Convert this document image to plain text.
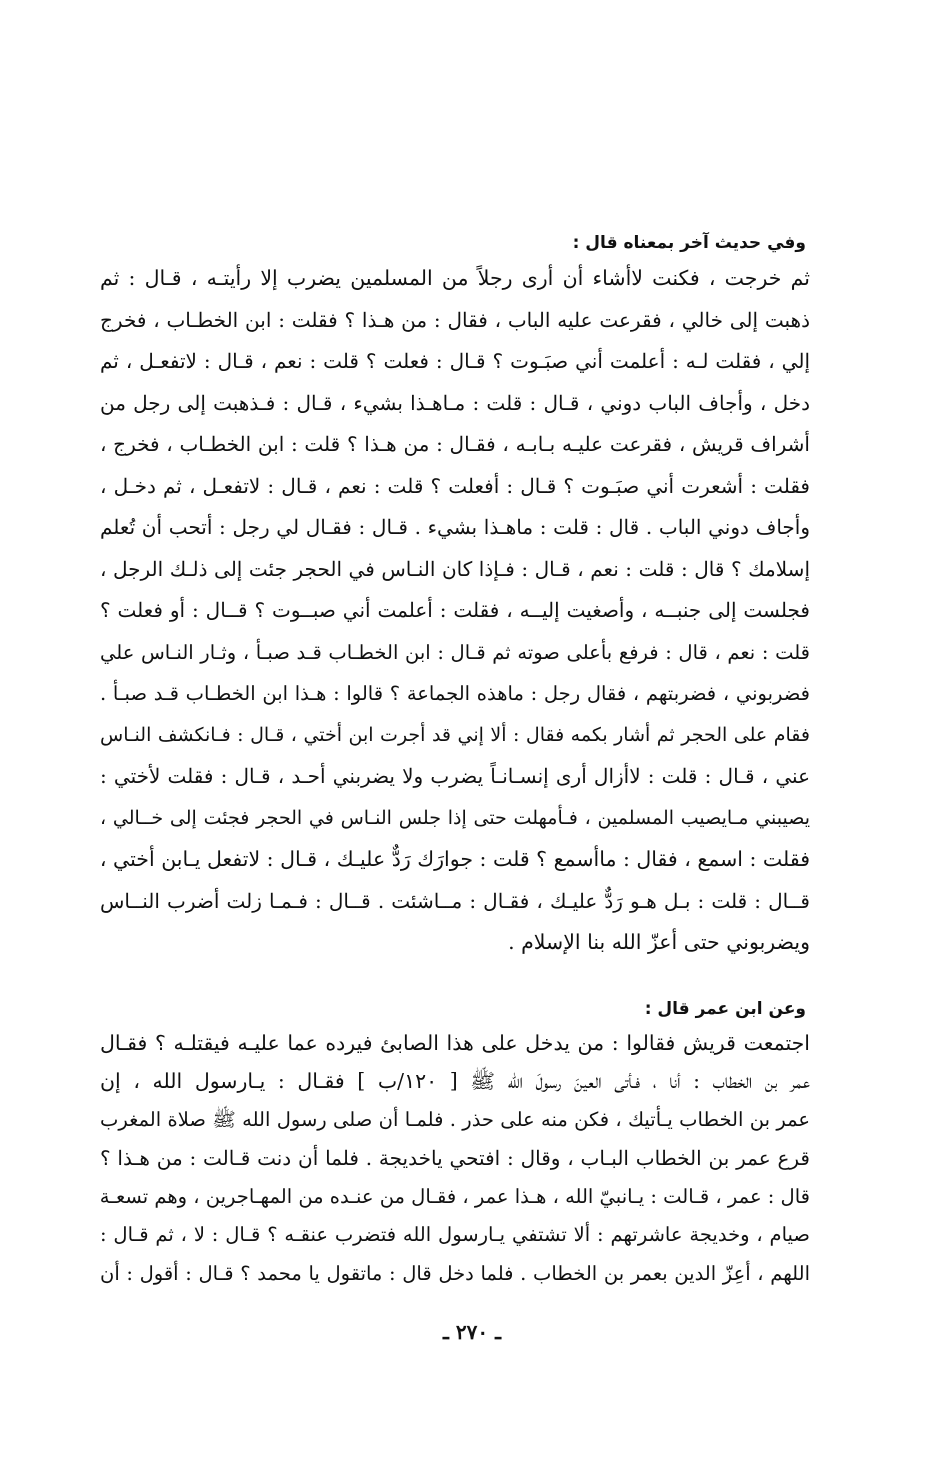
وفي حديث آخر بمعناه قال :
ثم خرجت ، فكنت لاأشاء أن أرى رجلاً من المسلمين يضرب إلا رأيتـه ، قـال : ثم
ذهبت إلى خالي ، فقرعت عليه الباب ، فقال : من هـذا ؟ فقلت : ابن الخطـاب ، فخرج
إلي ، فقلت لـه : أعلمت أني صبَـوت ؟ قـال : فعلت ؟ قلت : نعم ، قـال : لاتفعـل ، ثم
دخل ، وأجاف الباب دوني ، قـال : قلت : مـاهـذا بشيء ، قـال : فـذهبت إلى رجل من
أشراف قريش ، فقرعت عليـه بـابـه ، فقـال : من هـذا ؟ قلت : ابن الخطـاب ، فخرج ،
فقلت : أشعرت أني صبَـوت ؟ قـال : أفعلت ؟ قلت : نعم ، قـال : لاتفعـل ، ثم دخـل ،
وأجاف دوني الباب . قال : قلت : ماهـذا بشيء . قـال : فقـال لي رجل : أتحب أن تُعلم
إسلامك ؟ قال : قلت : نعم ، قـال : فـإذا كان النـاس في الحجر جئت إلى ذلـك الرجل ،
فجلست إلى جنبــه ، وأصغيت إليــه ، فقلت : أعلمت أني صبــوت ؟ قــال : أو فعلت ؟
قلت : نعم ، قال : فرفع بأعلى صوته ثم قـال : ابن الخطـاب قـد صبـأ ، وثـار النـاس علي
فضربوني ، فضربتهم ، فقال رجل : ماهذه الجماعة ؟ قالوا : هـذا ابن الخطـاب قـد صبـأ .
فقام على الحجر ثم أشار بكمه فقال : ألا إني قد أجرت ابن أختي ، قـال : فـانكشف النـاس
عني ، قـال : قلت : لاأزال أرى إنسـانـاً يضرب ولا يضربني أحـد ، قـال : فقلت لأختي :
يصيبني مـايصيب المسلمين ، فـأمهلت حتى إذا جلس النـاس في الحجر فجئت إلى خــالي ،
فقلت : اسمع ، فقال : ماأسمع ؟ قلت : جوارَك رَدٌّ عليـك ، قـال : لاتفعل يـابن أختي ،
قــال : قلت : بـل هـو رَدٌّ عليـك ، فقـال : مــاشئت . قــال : فـمـا زلت أضرب النــاس
ويضربوني حتى أعزّ الله بنا الإسلام .
وعن ابن عمر قال :
اجتمعت قريش فقالوا : من يدخل على هذا الصابئ فيرده عما عليـه فيقتلـه ؟ فقـال
عمر بن الخطاب : أنا ، فـأتى العينَ رسولَ الله ﷺ [ ١٢٠/ب ] فقـال : يـارسول الله ، إن
عمر بن الخطاب يـأتيك ، فكن منه على حذر . فلمـا أن صلى رسول الله ﷺ صلاة المغرب
قرع عمر بن الخطاب البـاب ، وقال : افتحي ياخديجة . فلما أن دنت قـالت : من هـذا ؟
قال : عمر ، قـالت : يـانبيّ الله ، هـذا عمر ، فقـال من عنـده من المهـاجرين ، وهم تسعـة
صيام ، وخديجة عاشرتهم : ألا تشتفي يـارسول الله فتضرب عنقـه ؟ قـال : لا ، ثم قـال :
اللهم ، أعِزّ الدين بعمر بن الخطاب . فلما دخل قال : ماتقول يا محمد ؟ قـال : أقول : أن
ـ ٢٧٠ ـ
